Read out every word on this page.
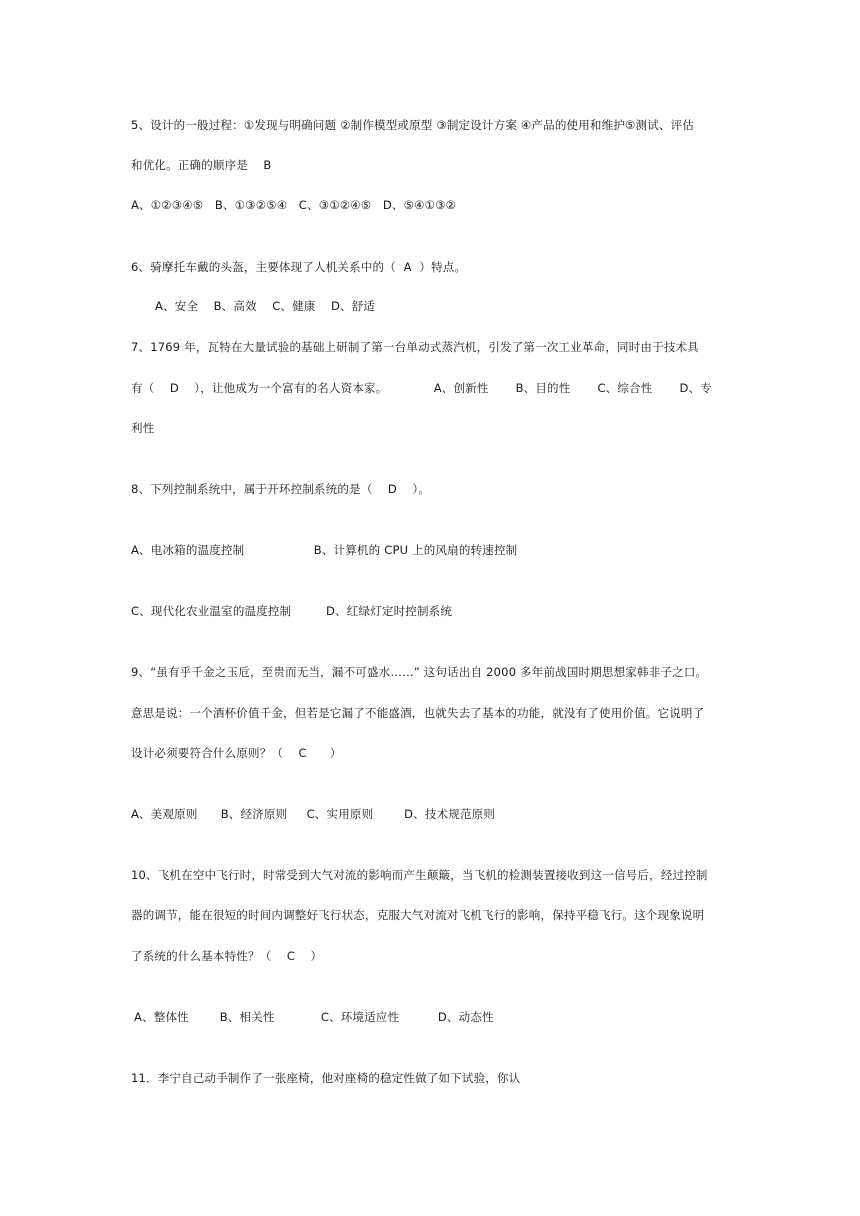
5、设计的一般过程：①发现与明确问题 ②制作模型或原型 ③制定设计方案 ④产品的使用和维护⑤测试、评估
和优化。正确的顺序是    B
A、①②③④⑤   B、①③②⑤④   C、③①②④⑤   D、⑤④①③②
6、骑摩托车戴的头盔，主要体现了人机关系中的（  A  ）特点。
A、安全    B、高效    C、健康    D、舒适
7、1769 年，瓦特在大量试验的基础上研制了第一台单动式蒸汽机，引发了第一次工业革命，同时由于技术具
有（    D    ），让他成为一个富有的名人资本家。            A、创新性       B、目的性       C、综合性       D、专
利性
8、下列控制系统中，属于开环控制系统的是（    D    ）。
A、电冰箱的温度控制                  B、计算机的 CPU 上的风扇的转速控制
C、现代化农业温室的温度控制         D、红绿灯定时控制系统
9、“虽有乎千金之玉卮，至贵而无当，漏不可盛水……” 这句话出自 2000 多年前战国时期思想家韩非子之口。
意思是说：一个酒杯价值千金，但若是它漏了不能盛酒，也就失去了基本的功能，就没有了使用价值。它说明了
设计必须要符合什么原则？（    C      ）
A、美观原则      B、经济原则     C、实用原则        D、技术规范原则
10、飞机在空中飞行时，时常受到大气对流的影响而产生颠簸，当飞机的检测装置接收到这一信号后，经过控制
器的调节，能在很短的时间内调整好飞行状态，克服大气对流对飞机飞行的影响，保持平稳飞行。这个现象说明
了系统的什么基本特性？（    C    ）
A、整体性        B、相关性            C、环境适应性          D、动态性
11．李宁自己动手制作了一张座椅，他对座椅的稳定性做了如下试验，你认
